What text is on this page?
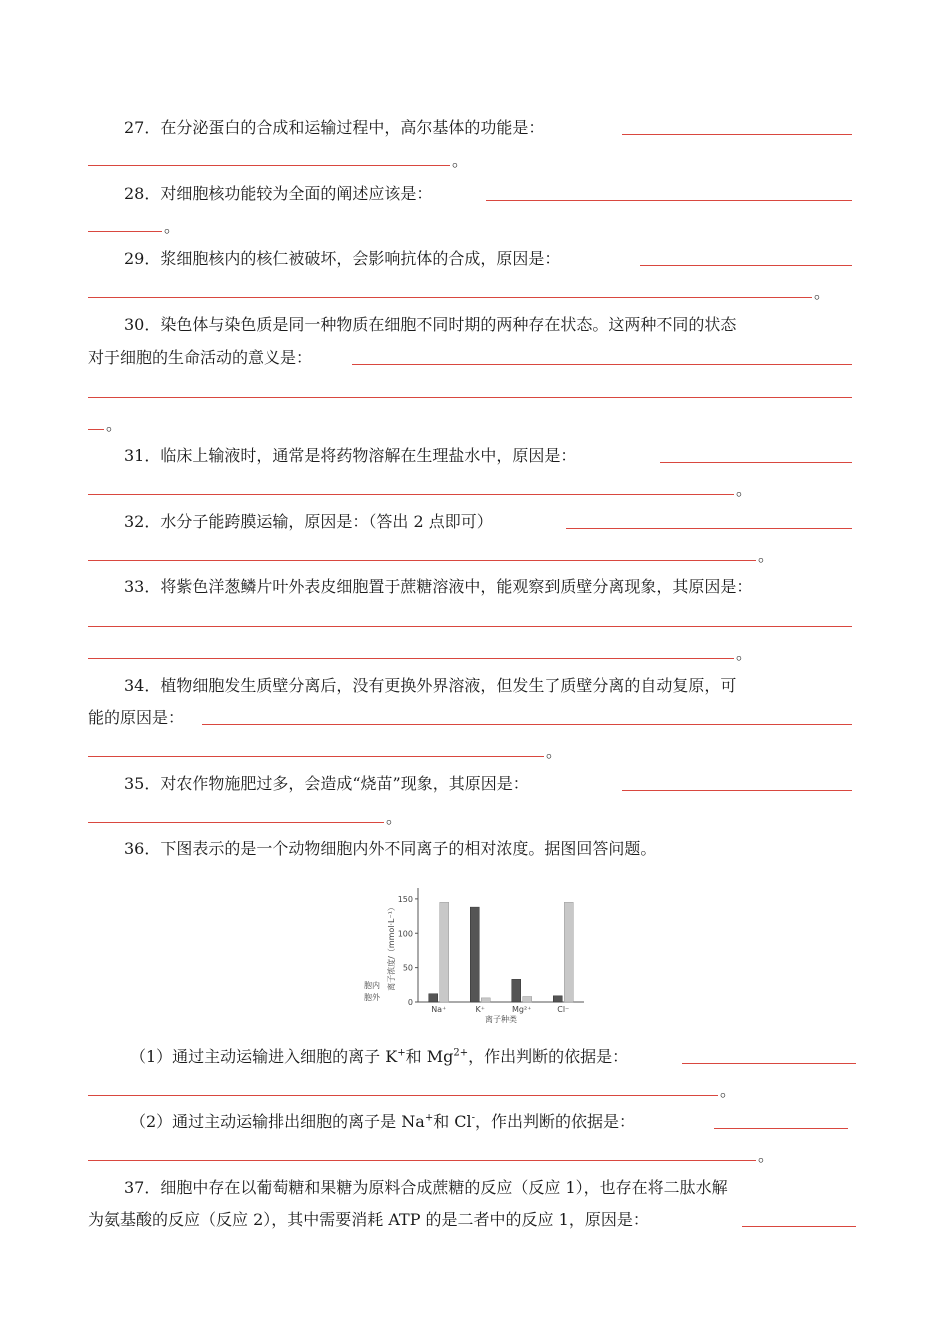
27．在分泌蛋白的合成和运输过程中，高尔基体的功能是：
。
28．对细胞核功能较为全面的阐述应该是：
。
29．浆细胞核内的核仁被破坏，会影响抗体的合成，原因是：
。
30．染色体与染色质是同一种物质在细胞不同时期的两种存在状态。这两种不同的状态
对于细胞的生命活动的意义是：
。
31．临床上输液时，通常是将药物溶解在生理盐水中，原因是：
。
32．水分子能跨膜运输，原因是：（答出 2 点即可）
。
33．将紫色洋葱鳞片叶外表皮细胞置于蔗糖溶液中，能观察到质壁分离现象，其原因是：
。
34．植物细胞发生质壁分离后，没有更换外界溶液，但发生了质壁分离的自动复原，可
能的原因是：
。
35．对农作物施肥过多，会造成“烧苗”现象，其原因是：
。
36．下图表示的是一个动物细胞内外不同离子的相对浓度。据图回答问题。
0
50
100
150
离子浓度/（mmol·L⁻¹）
胞内
胞外
Na⁺	K⁺	Mg²⁺	Cl⁻
离子种类
（1）通过主动运输进入细胞的离子 K+和 $Mg^{2+}$，作出判断的依据是：
。
（2）通过主动运输排出细胞的离子是 Na+和 Cl-，作出判断的依据是：
。
37．细胞中存在以葡萄糖和果糖为原料合成蔗糖的反应（反应 1），也存在将二肽水解
为氨基酸的反应（反应 2），其中需要消耗 ATP 的是二者中的反应 1，原因是：
